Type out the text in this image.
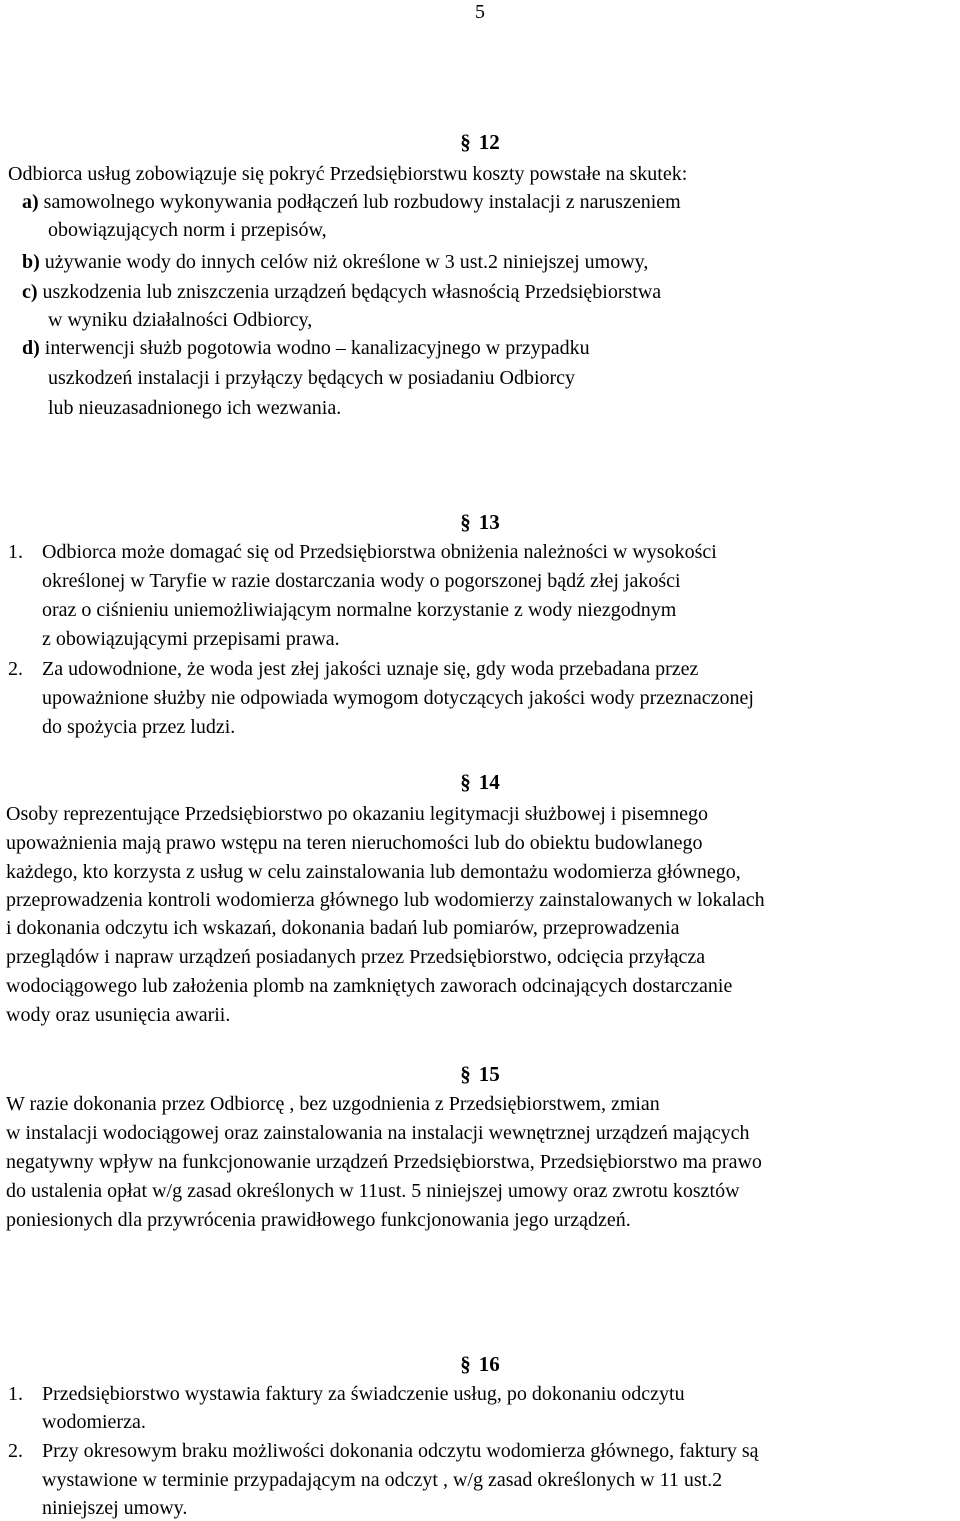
5
§ 12
Odbiorca usług zobowiązuje się pokryć Przedsiębiorstwu koszty powstałe na skutek:
a) samowolnego wykonywania podłączeń lub rozbudowy instalacji z naruszeniem
obowiązujących norm i przepisów,
b) używanie wody do innych celów niż określone w 3 ust.2 niniejszej umowy,
c) uszkodzenia lub zniszczenia urządzeń będących własnością Przedsiębiorstwa
w wyniku działalności Odbiorcy,
d) interwencji służb pogotowia wodno – kanalizacyjnego w przypadku
uszkodzeń instalacji i przyłączy będących w posiadaniu Odbiorcy
lub nieuzasadnionego ich wezwania.
§ 13
1. Odbiorca może domagać się od Przedsiębiorstwa obniżenia należności w wysokości
określonej w Taryfie w razie dostarczania wody o pogorszonej bądź złej jakości
oraz o ciśnieniu uniemożliwiającym normalne korzystanie z wody niezgodnym
z obowiązującymi przepisami prawa.
2. Za udowodnione, że woda jest złej jakości uznaje się, gdy woda przebadana przez
upoważnione służby nie odpowiada wymogom dotyczących jakości wody przeznaczonej
do spożycia przez ludzi.
§ 14
Osoby reprezentujące Przedsiębiorstwo po okazaniu legitymacji służbowej i pisemnego
upoważnienia mają prawo wstępu na teren nieruchomości lub do obiektu budowlanego
każdego, kto korzysta z usług w celu zainstalowania lub demontażu wodomierza głównego,
przeprowadzenia kontroli wodomierza głównego lub wodomierzy zainstalowanych w lokalach
i dokonania odczytu ich wskazań, dokonania badań lub pomiarów, przeprowadzenia
przeglądów i napraw urządzeń posiadanych przez Przedsiębiorstwo, odcięcia przyłącza
wodociągowego lub założenia plomb na zamkniętych zaworach odcinających dostarczanie
wody oraz usunięcia awarii.
§ 15
W razie dokonania przez Odbiorcę , bez uzgodnienia z Przedsiębiorstwem, zmian
w instalacji wodociągowej oraz zainstalowania na instalacji wewnętrznej urządzeń mających
negatywny wpływ na funkcjonowanie urządzeń Przedsiębiorstwa, Przedsiębiorstwo ma prawo
do ustalenia opłat w/g zasad określonych w 11ust. 5 niniejszej umowy oraz zwrotu kosztów
poniesionych dla przywrócenia prawidłowego funkcjonowania jego urządzeń.
§ 16
1. Przedsiębiorstwo wystawia faktury za świadczenie usług, po dokonaniu odczytu
wodomierza.
2. Przy okresowym braku możliwości dokonania odczytu wodomierza głównego, faktury są
wystawione w terminie przypadającym na odczyt , w/g zasad określonych w 11 ust.2
niniejszej umowy.
